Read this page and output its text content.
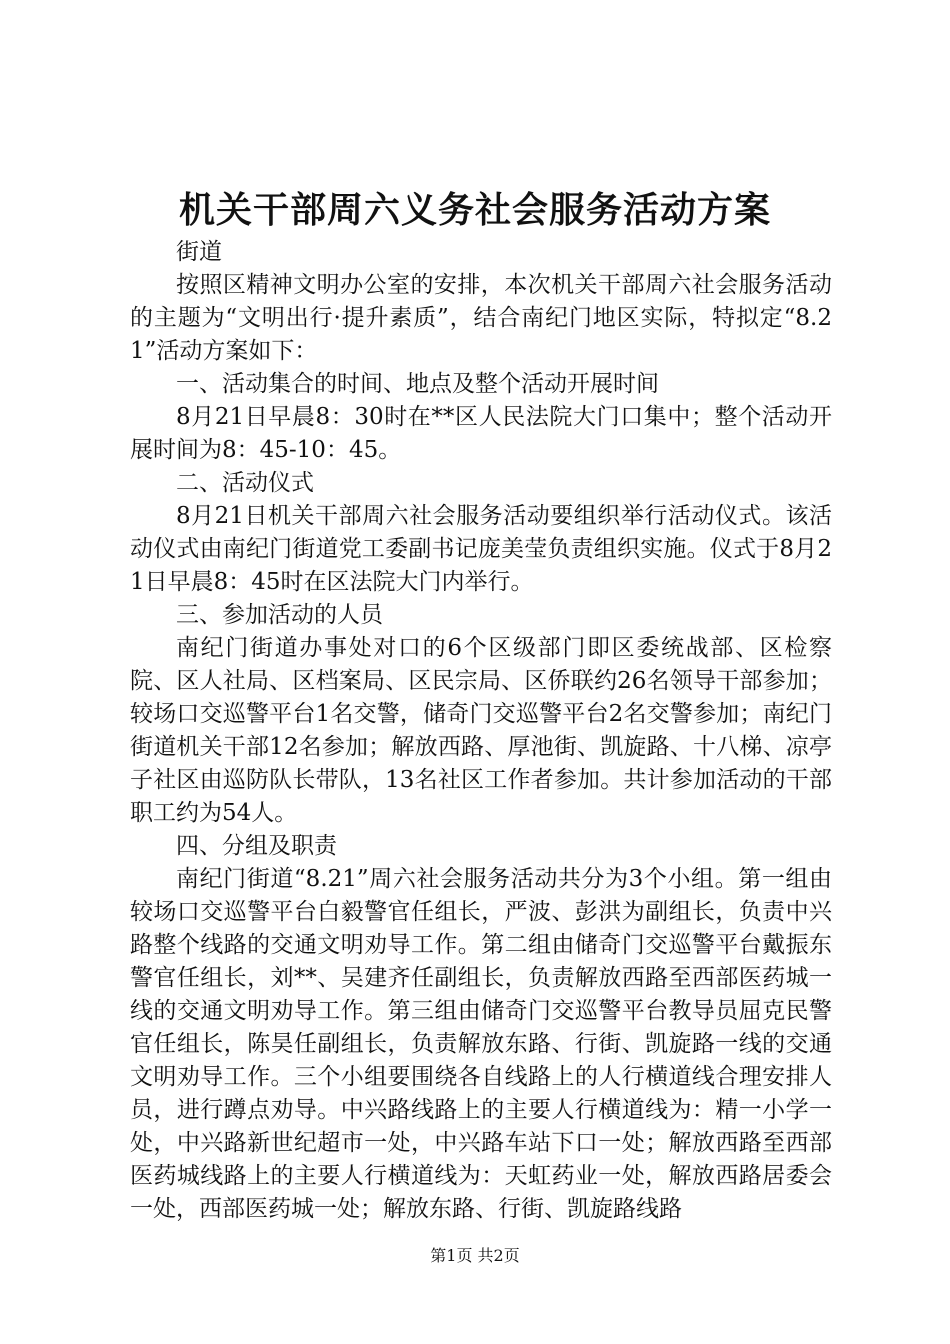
机关干部周六义务社会服务活动方案

街道

按照区精神文明办公室的安排，本次机关干部周六社会服务活动的主题为“文明出行·提升素质”，结合南纪门地区实际，特拟定“8.21”活动方案如下：

一、活动集合的时间、地点及整个活动开展时间

8月21日早晨8：30时在**区人民法院大门口集中；整个活动开展时间为8：45-10：45。

二、活动仪式

8月21日机关干部周六社会服务活动要组织举行活动仪式。该活动仪式由南纪门街道党工委副书记庞美莹负责组织实施。仪式于8月21日早晨8：45时在区法院大门内举行。

三、参加活动的人员

南纪门街道办事处对口的6个区级部门即区委统战部、区检察院、区人社局、区档案局、区民宗局、区侨联约26名领导干部参加；较场口交巡警平台1名交警，储奇门交巡警平台2名交警参加；南纪门街道机关干部12名参加；解放西路、厚池街、凯旋路、十八梯、凉亭子社区由巡防队长带队，13名社区工作者参加。共计参加活动的干部职工约为54人。

四、分组及职责

南纪门街道“8.21”周六社会服务活动共分为3个小组。第一组由较场口交巡警平台白毅警官任组长，严波、彭洪为副组长，负责中兴路整个线路的交通文明劝导工作。第二组由储奇门交巡警平台戴振东警官任组长，刘**、吴建齐任副组长，负责解放西路至西部医药城一线的交通文明劝导工作。第三组由储奇门交巡警平台教导员屈克民警官任组长，陈昊任副组长，负责解放东路、行街、凯旋路一线的交通文明劝导工作。三个小组要围绕各自线路上的人行横道线合理安排人员，进行蹲点劝导。中兴路线路上的主要人行横道线为：精一小学一处，中兴路新世纪超市一处，中兴路车站下口一处；解放西路至西部医药城线路上的主要人行横道线为：天虹药业一处，解放西路居委会一处，西部医药城一处；解放东路、行街、凯旋路线路

第1页 共2页
